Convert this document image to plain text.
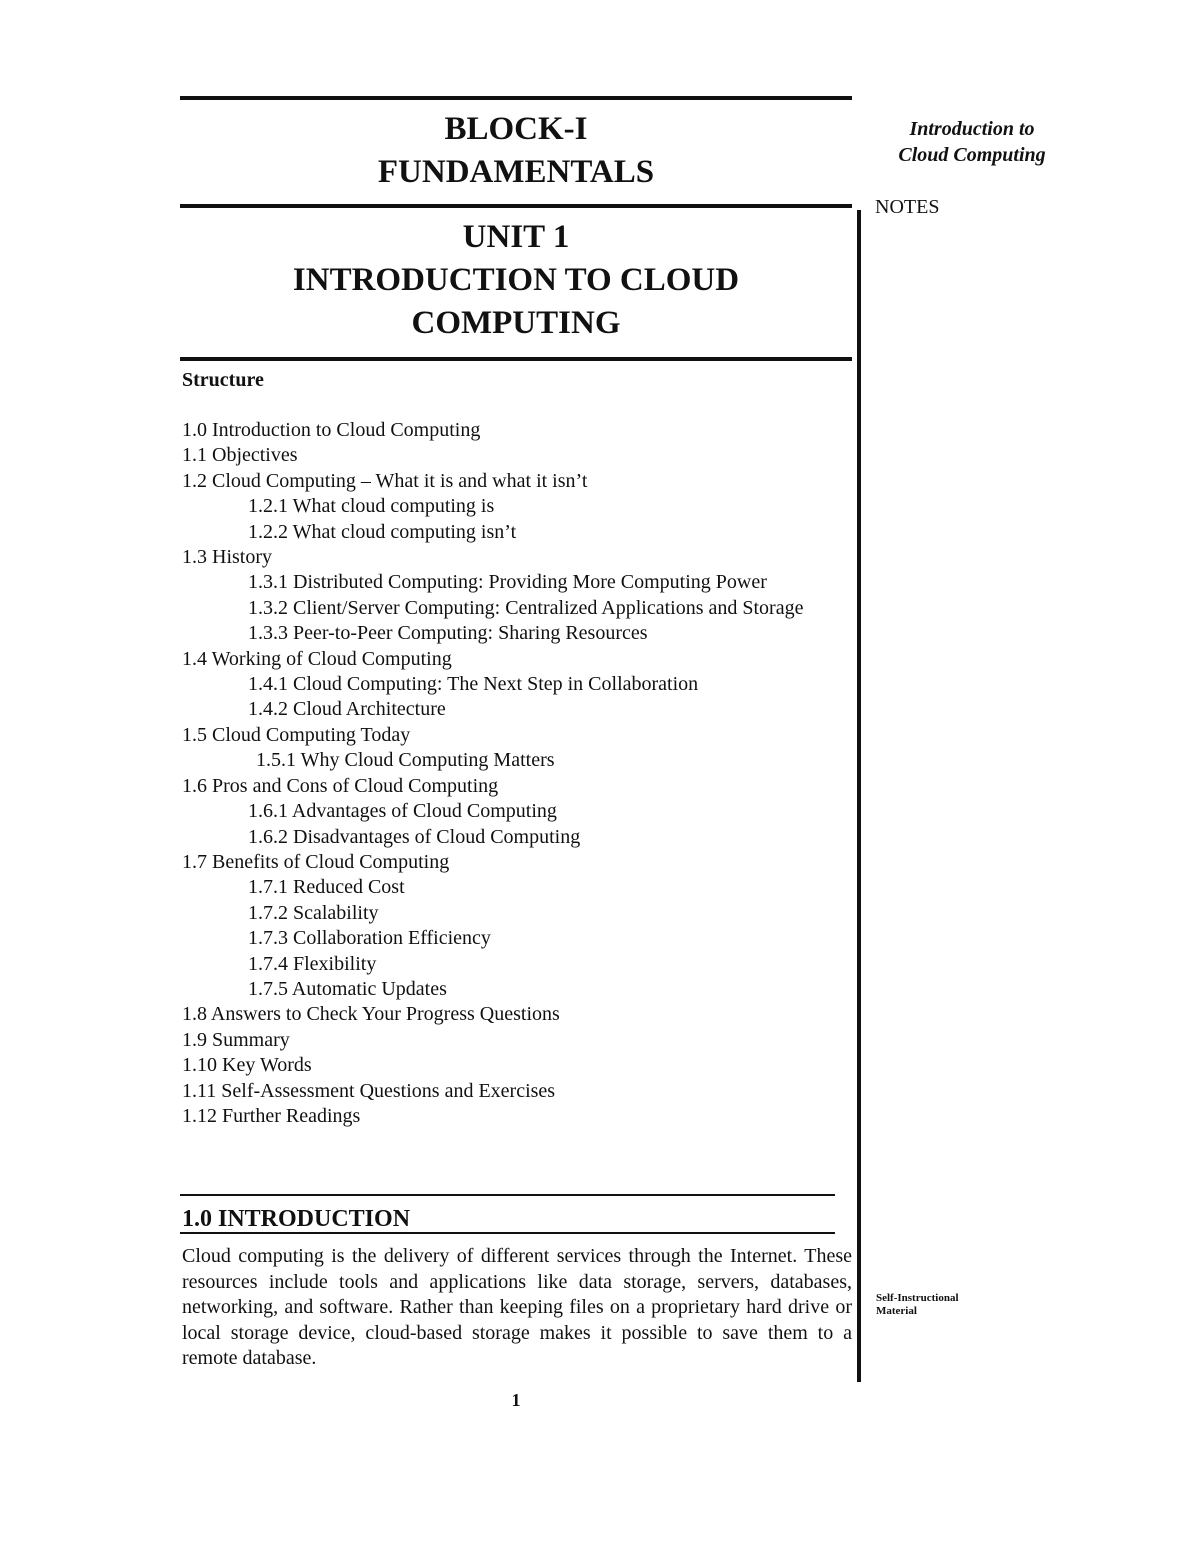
BLOCK-I
FUNDAMENTALS
UNIT 1
INTRODUCTION TO CLOUD
COMPUTING
Introduction to
Cloud Computing
NOTES
Structure
1.0 Introduction to Cloud Computing
1.1 Objectives
1.2 Cloud Computing – What it is and what it isn’t
1.2.1 What cloud computing is
1.2.2 What cloud computing isn’t
1.3 History
1.3.1 Distributed Computing: Providing More Computing Power
1.3.2 Client/Server Computing: Centralized Applications and Storage
1.3.3 Peer-to-Peer Computing: Sharing Resources
1.4 Working of Cloud Computing
1.4.1 Cloud Computing: The Next Step in Collaboration
1.4.2 Cloud Architecture
1.5 Cloud Computing Today
1.5.1 Why Cloud Computing Matters
1.6 Pros and Cons of Cloud Computing
1.6.1 Advantages of Cloud Computing
1.6.2 Disadvantages of Cloud Computing
1.7 Benefits of Cloud Computing
1.7.1 Reduced Cost
1.7.2 Scalability
1.7.3 Collaboration Efficiency
1.7.4 Flexibility
1.7.5 Automatic Updates
1.8 Answers to Check Your Progress Questions
1.9 Summary
1.10 Key Words
1.11 Self-Assessment Questions and Exercises
1.12 Further Readings
1.0 INTRODUCTION

Cloud computing is the delivery of different services through the Internet. These resources include tools and applications like data storage, servers, databases, networking, and software. Rather than keeping files on a proprietary hard drive or local storage device, cloud-based storage makes it possible to save them to a remote database.

1
Self-Instructional
Material
